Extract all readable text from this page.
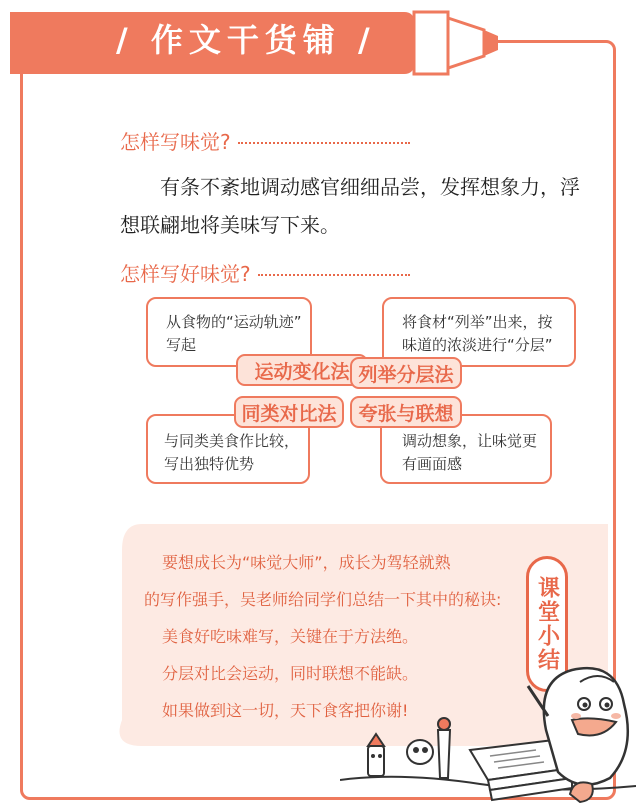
/ 作文干货铺 /
怎样写味觉?

有条不紊地调动感官细细品尝，发挥想象力，浮想联翩地将美味写下来。

怎样写好味觉?

从食物的“运动轨迹”
写起

将食材“列举”出来，按
味道的浓淡进行“分层”

与同类美食作比较，
写出独特优势

调动想象，让味觉更
有画面感

运动变化法 列举分层法
同类对比法	夸张与联想

要想成长为“味觉大师”，成长为驾轻就熟
的写作强手，吴老师给同学们总结一下其中的秘诀:
美食好吃味难写，关键在于方法绝。
分层对比会运动，同时联想不能缺。
如果做到这一切，天下食客把你谢!

课堂小结
